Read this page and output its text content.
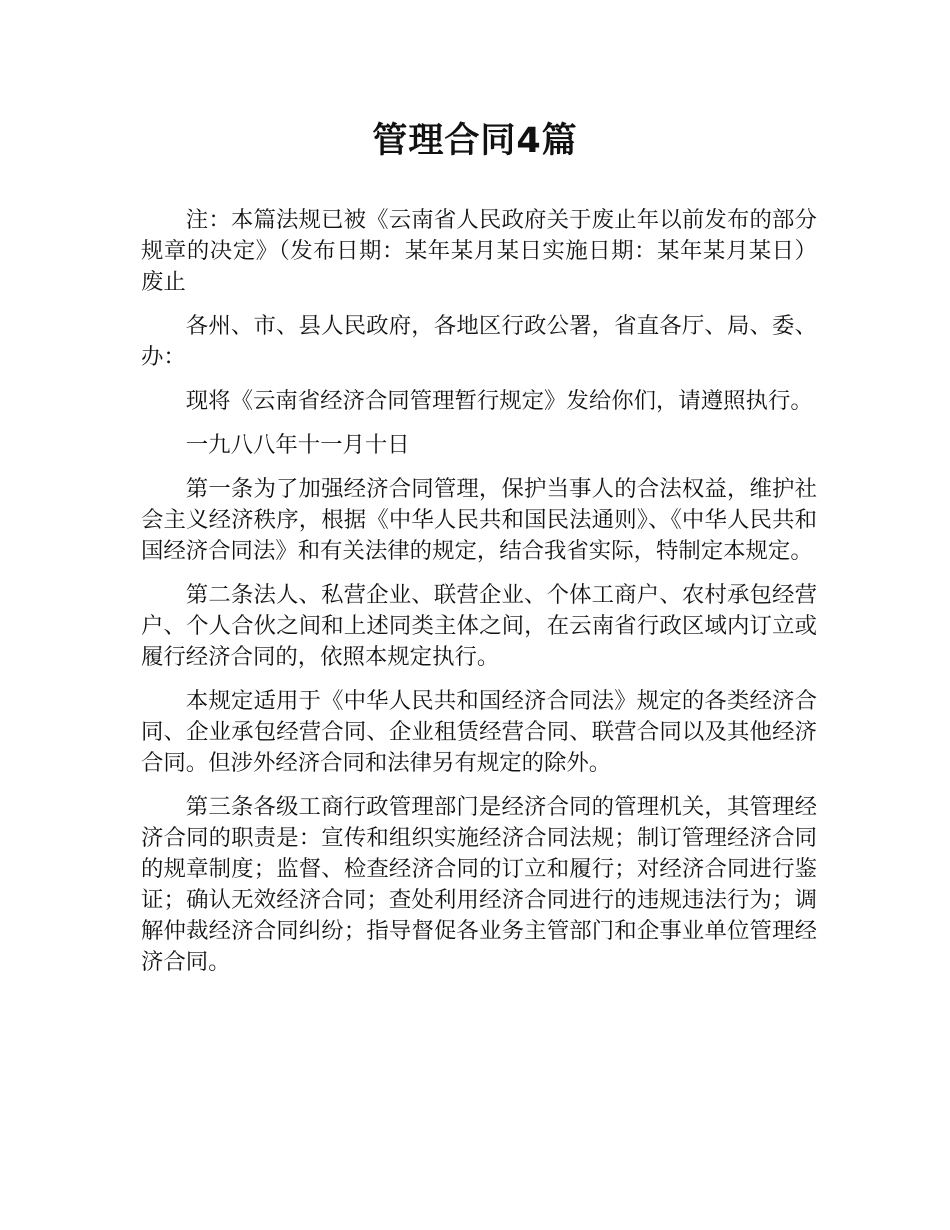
管理合同4篇

注：本篇法规已被《云南省人民政府关于废止年以前发布的部分规章的决定》（发布日期：某年某月某日实施日期：某年某月某日）废止

各州、市、县人民政府，各地区行政公署，省直各厅、局、委、办：

现将《云南省经济合同管理暂行规定》发给你们，请遵照执行。

一九八八年十一月十日

第一条为了加强经济合同管理，保护当事人的合法权益，维护社会主义经济秩序，根据《中华人民共和国民法通则》、《中华人民共和国经济合同法》和有关法律的规定，结合我省实际，特制定本规定。

第二条法人、私营企业、联营企业、个体工商户、农村承包经营户、个人合伙之间和上述同类主体之间，在云南省行政区域内订立或履行经济合同的，依照本规定执行。

本规定适用于《中华人民共和国经济合同法》规定的各类经济合同、企业承包经营合同、企业租赁经营合同、联营合同以及其他经济合同。但涉外经济合同和法律另有规定的除外。

第三条各级工商行政管理部门是经济合同的管理机关，其管理经济合同的职责是：宣传和组织实施经济合同法规；制订管理经济合同的规章制度；监督、检查经济合同的订立和履行；对经济合同进行鉴证；确认无效经济合同；查处利用经济合同进行的违规违法行为；调解仲裁经济合同纠纷；指导督促各业务主管部门和企事业单位管理经济合同。
